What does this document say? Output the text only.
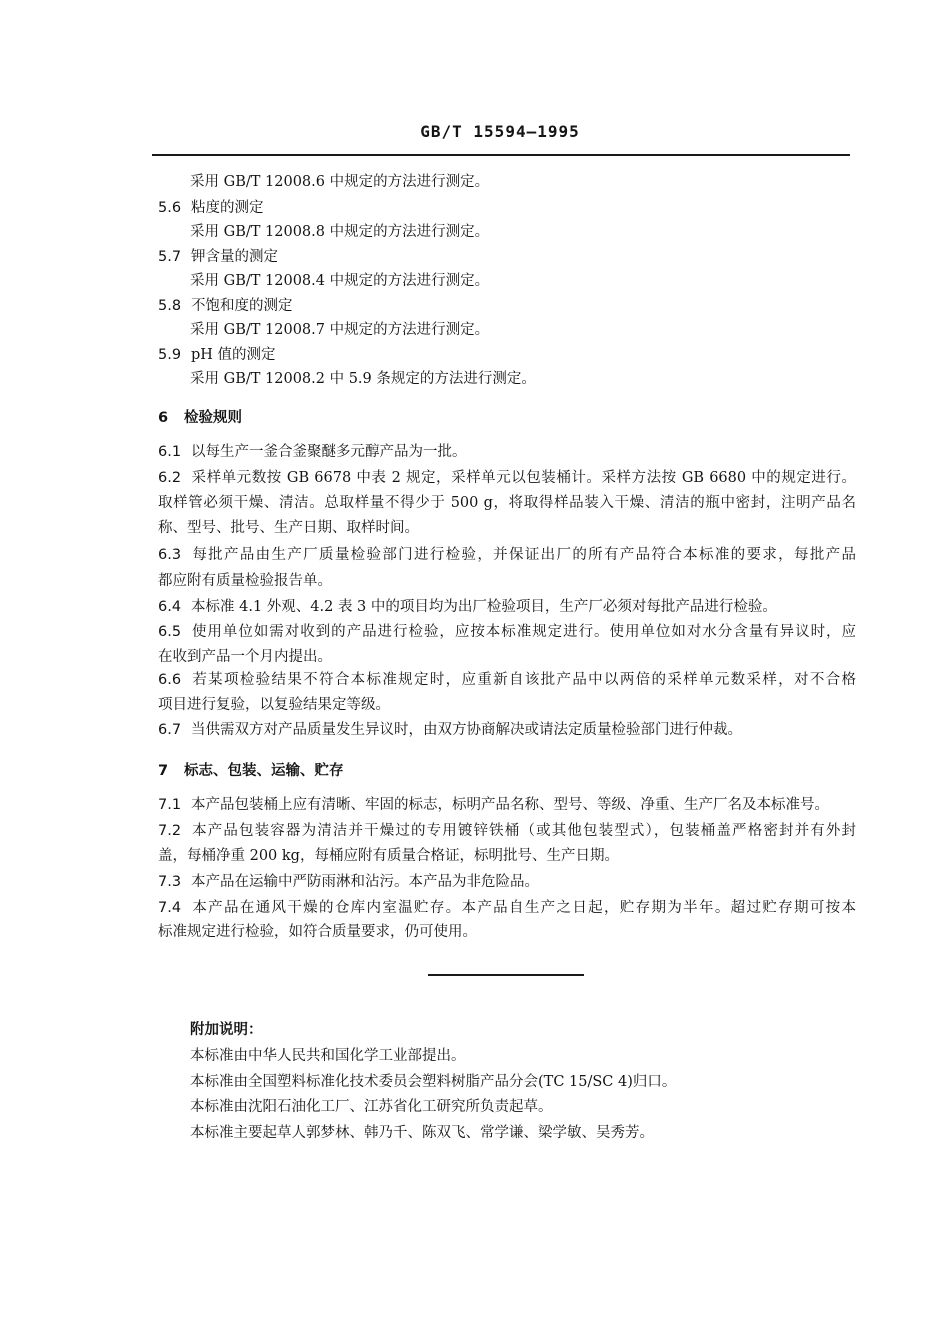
GB/T 15594—1995
采用 GB/T 12008.6 中规定的方法进行测定。
5.6 粘度的测定
采用 GB/T 12008.8 中规定的方法进行测定。
5.7 钾含量的测定
采用 GB/T 12008.4 中规定的方法进行测定。
5.8 不饱和度的测定
采用 GB/T 12008.7 中规定的方法进行测定。
5.9 pH 值的测定
采用 GB/T 12008.2 中 5.9 条规定的方法进行测定。
6 检验规则
6.1 以每生产一釜合釜聚醚多元醇产品为一批。
6.2 采样单元数按 GB 6678 中表 2 规定，采样单元以包装桶计。采样方法按 GB 6680 中的规定进行。
取样管必须干燥、清洁。总取样量不得少于 500 g，将取得样品装入干燥、清洁的瓶中密封，注明产品名
称、型号、批号、生产日期、取样时间。
6.3 每批产品由生产厂质量检验部门进行检验，并保证出厂的所有产品符合本标准的要求，每批产品
都应附有质量检验报告单。
6.4 本标准 4.1 外观、4.2 表 3 中的项目均为出厂检验项目，生产厂必须对每批产品进行检验。
6.5 使用单位如需对收到的产品进行检验，应按本标准规定进行。使用单位如对水分含量有异议时，应
在收到产品一个月内提出。
6.6 若某项检验结果不符合本标准规定时，应重新自该批产品中以两倍的采样单元数采样，对不合格
项目进行复验，以复验结果定等级。
6.7 当供需双方对产品质量发生异议时，由双方协商解决或请法定质量检验部门进行仲裁。
7 标志、包装、运输、贮存
7.1 本产品包装桶上应有清晰、牢固的标志，标明产品名称、型号、等级、净重、生产厂名及本标准号。
7.2 本产品包装容器为清洁并干燥过的专用镀锌铁桶（或其他包装型式），包装桶盖严格密封并有外封
盖，每桶净重 200 kg，每桶应附有质量合格证，标明批号、生产日期。
7.3 本产品在运输中严防雨淋和沾污。本产品为非危险品。
7.4 本产品在通风干燥的仓库内室温贮存。本产品自生产之日起，贮存期为半年。超过贮存期可按本
标准规定进行检验，如符合质量要求，仍可使用。
附加说明：
本标准由中华人民共和国化学工业部提出。
本标准由全国塑料标准化技术委员会塑料树脂产品分会(TC 15/SC 4)归口。
本标准由沈阳石油化工厂、江苏省化工研究所负责起草。
本标准主要起草人郭梦林、韩乃千、陈双飞、常学谦、梁学敏、吴秀芳。
